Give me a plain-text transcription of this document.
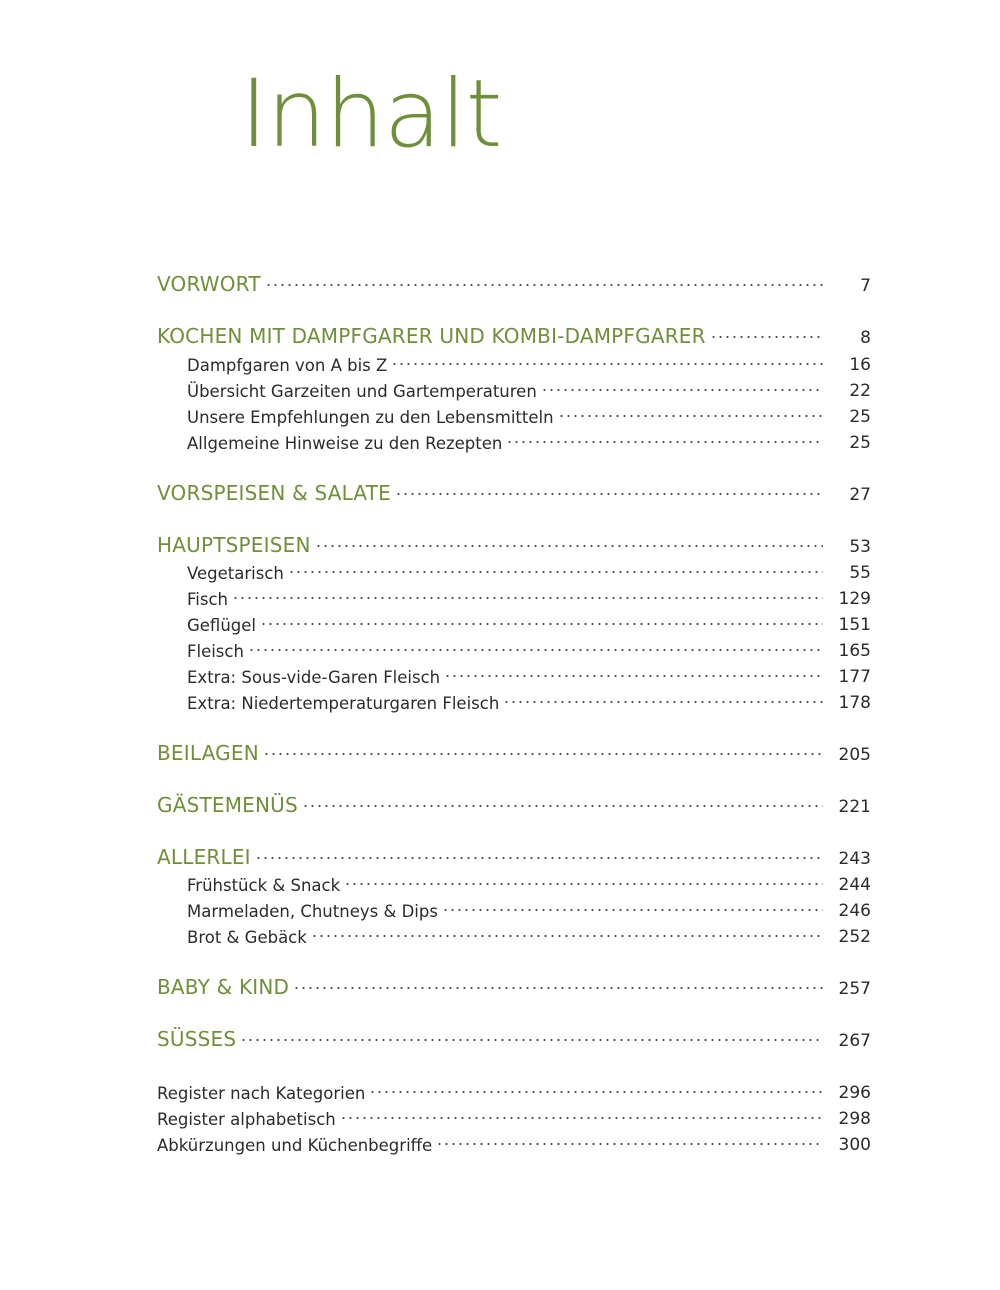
Inhalt
VORWORT	7
KOCHEN MIT DAMPFGARER UND KOMBI-DAMPFGARER	8
Dampfgaren von A bis Z	16
Übersicht Garzeiten und Gartemperaturen	22
Unsere Empfehlungen zu den Lebensmitteln	25
Allgemeine Hinweise zu den Rezepten	25
VORSPEISEN & SALATE	27
HAUPTSPEISEN	53
Vegetarisch	55
Fisch	129
Geflügel	151
Fleisch	165
Extra: Sous-vide-Garen Fleisch	177
Extra: Niedertemperaturgaren Fleisch	178
BEILAGEN	205
GÄSTEMENÜS	221
ALLERLEI	243
Frühstück & Snack	244
Marmeladen, Chutneys & Dips	246
Brot & Gebäck	252
BABY & KIND	257
SÜSSES	267
Register nach Kategorien	296
Register alphabetisch	298
Abkürzungen und Küchenbegriffe	300
